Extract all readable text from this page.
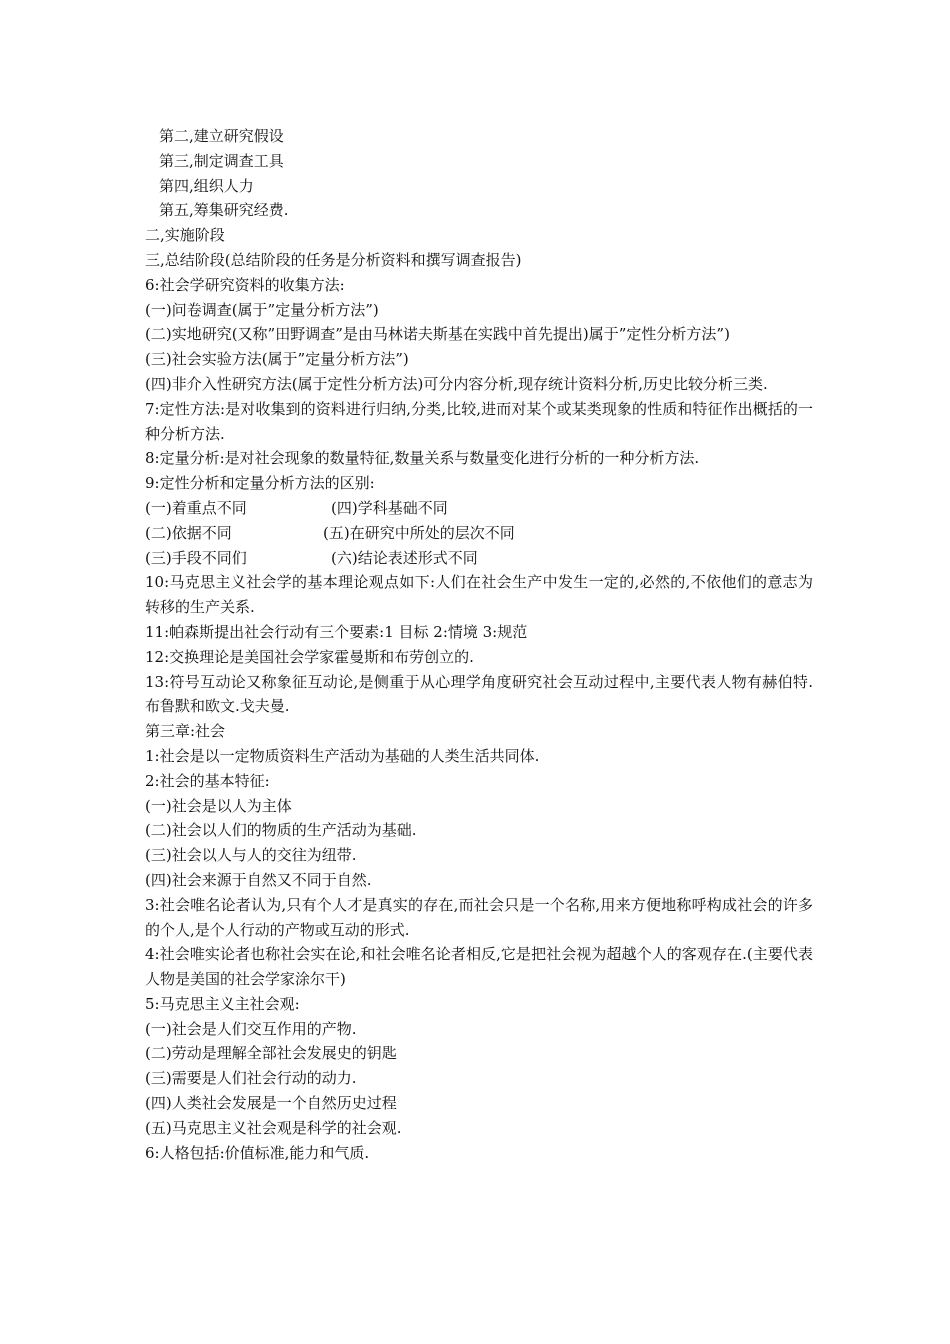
第二,建立研究假设
第三,制定调查工具
第四,组织人力
第五,筹集研究经费.
二,实施阶段
三,总结阶段(总结阶段的任务是分析资料和撰写调查报告)
6:社会学研究资料的收集方法:
(一)问卷调查(属于”定量分析方法”)
(二)实地研究(又称”田野调查”是由马林诺夫斯基在实践中首先提出)属于”定性分析方法”)
(三)社会实验方法(属于”定量分析方法”)
(四)非介入性研究方法(属于定性分析方法)可分内容分析,现存统计资料分析,历史比较分析三类.
7:定性方法:是对收集到的资料进行归纳,分类,比较,进而对某个或某类现象的性质和特征作出概括的一种分析方法.
8:定量分析:是对社会现象的数量特征,数量关系与数量变化进行分析的一种分析方法.
9:定性分析和定量分析方法的区别:
(一)着重点不同	(四)学科基础不同
(二)依据不同	(五)在研究中所处的层次不同
(三)手段不同们	(六)结论表述形式不同
10:马克思主义社会学的基本理论观点如下:人们在社会生产中发生一定的,必然的,不依他们的意志为转移的生产关系.
11:帕森斯提出社会行动有三个要素:1 目标 2:情境 3:规范
12:交换理论是美国社会学家霍曼斯和布劳创立的.
13:符号互动论又称象征互动论,是侧重于从心理学角度研究社会互动过程中,主要代表人物有赫伯特.布鲁默和欧文.戈夫曼.
第三章:社会
1:社会是以一定物质资料生产活动为基础的人类生活共同体.
2:社会的基本特征:
(一)社会是以人为主体
(二)社会以人们的物质的生产活动为基础.
(三)社会以人与人的交往为纽带.
(四)社会来源于自然又不同于自然.
3:社会唯名论者认为,只有个人才是真实的存在,而社会只是一个名称,用来方便地称呼构成社会的许多的个人,是个人行动的产物或互动的形式.
4:社会唯实论者也称社会实在论,和社会唯名论者相反,它是把社会视为超越个人的客观存在.(主要代表人物是美国的社会学家涂尔干)
5:马克思主义主社会观:
(一)社会是人们交互作用的产物.
(二)劳动是理解全部社会发展史的钥匙
(三)需要是人们社会行动的动力.
(四)人类社会发展是一个自然历史过程
(五)马克思主义社会观是科学的社会观.
6:人格包括:价值标准,能力和气质.
